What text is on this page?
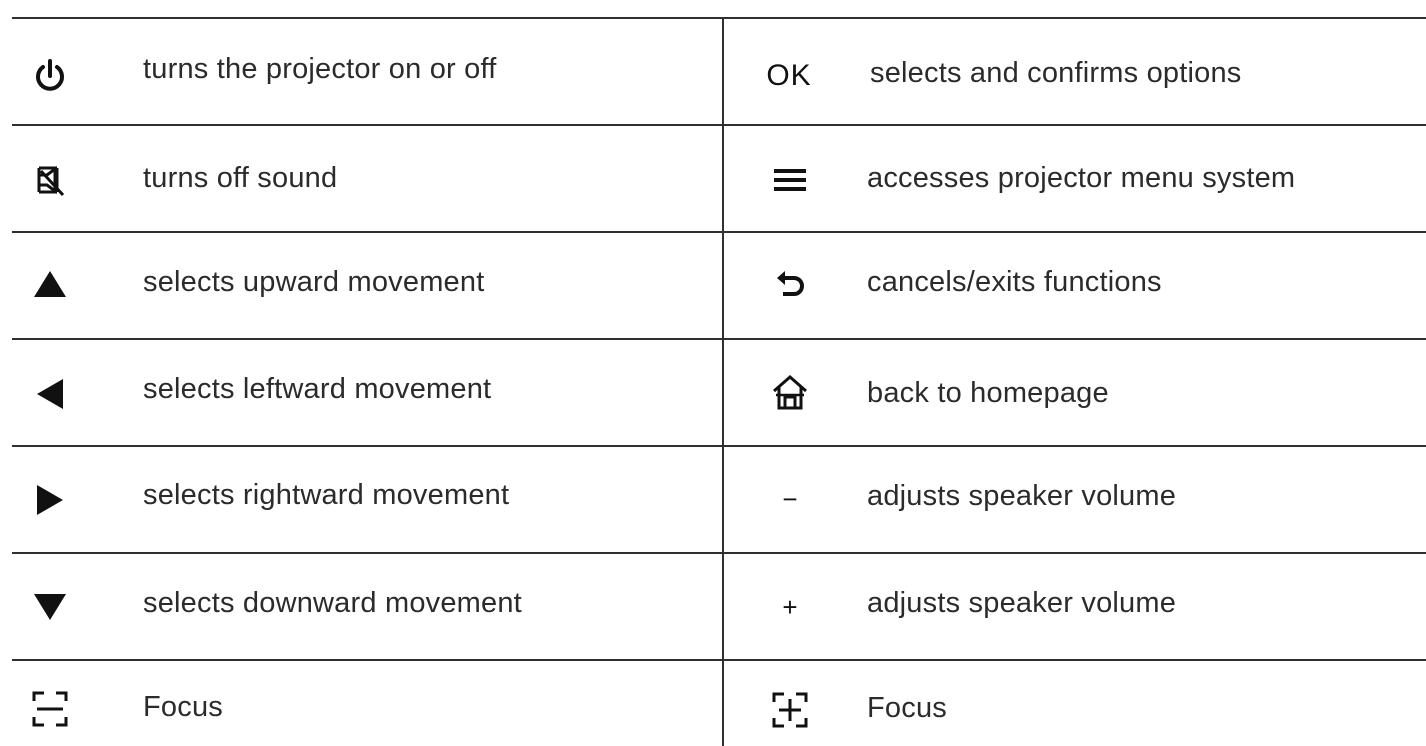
turns the projector on or off	OK selects and confirms options
turns off sound	accesses projector menu system
selects upward movement	cancels/exits functions
selects leftward movement	back to homepage
selects rightward movement	− adjusts speaker volume
selects downward movement	+ adjusts speaker volume
Focus	Focus
